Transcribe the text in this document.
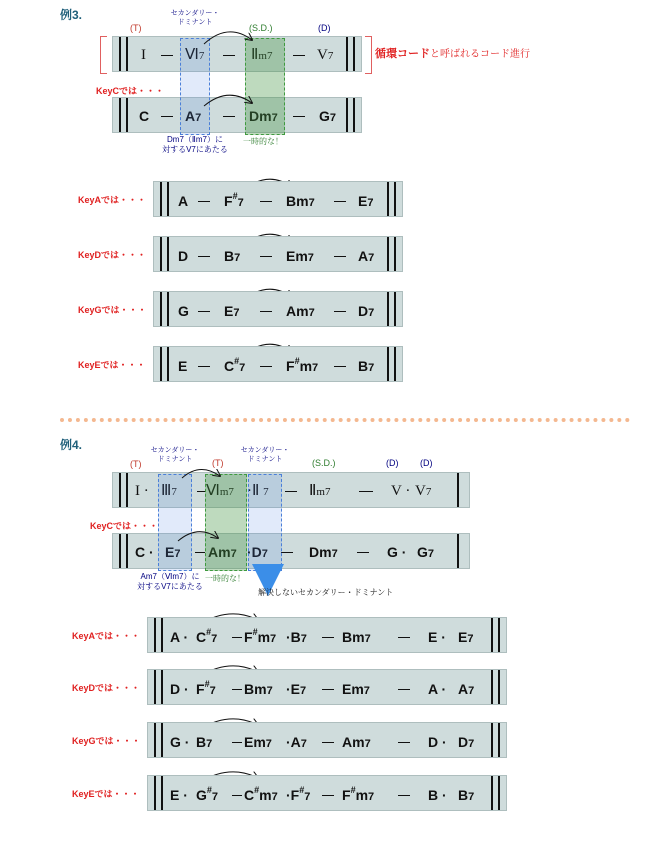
例3.
(T)
セカンダリー・
ドミナント
(S.D.)	(D)
I	Ⅵ7	Ⅱm7	V7	循環コードと呼ばれるコード進行
KeyCでは・・・
C	A7	Dm7	G7
Dm7（Ⅱm7）に
対するV7にあたる
一時的な！
KeyAでは・・・ A	F#7	Bm7	E7
KeyDでは・・・ D	B7	Em7	A7
KeyGでは・・・ G	E7	Am7	D7
KeyEでは・・・ E	C#7	F#m7	B7
例4.
(T)
セカンダリー・
ドミナント	(T)
セカンダリー・
ドミナント	(S.D.)	(D) (D)
I · Ⅲ7 Ⅵm7 ·Ⅱ 7	Ⅱm7	V · V7
KeyCでは・・・
C · E7 Am7 ·D7	Dm7	G · G7
Am7（Ⅵm7）に
対するV7にあたる
一時的な！
解決しないセカンダリー・ドミナント
KeyAでは・・・ A · C#7 F#m7 ·B7	Bm7	E · E7
KeyDでは・・・ D · F#7 Bm7 ·E7	Em7	A · A7
KeyGでは・・・ G · B7 Em7 ·A7	Am7	D · D7
KeyEでは・・・ E · G#7 C#m7 ·F#7 F#m7	B · B7
